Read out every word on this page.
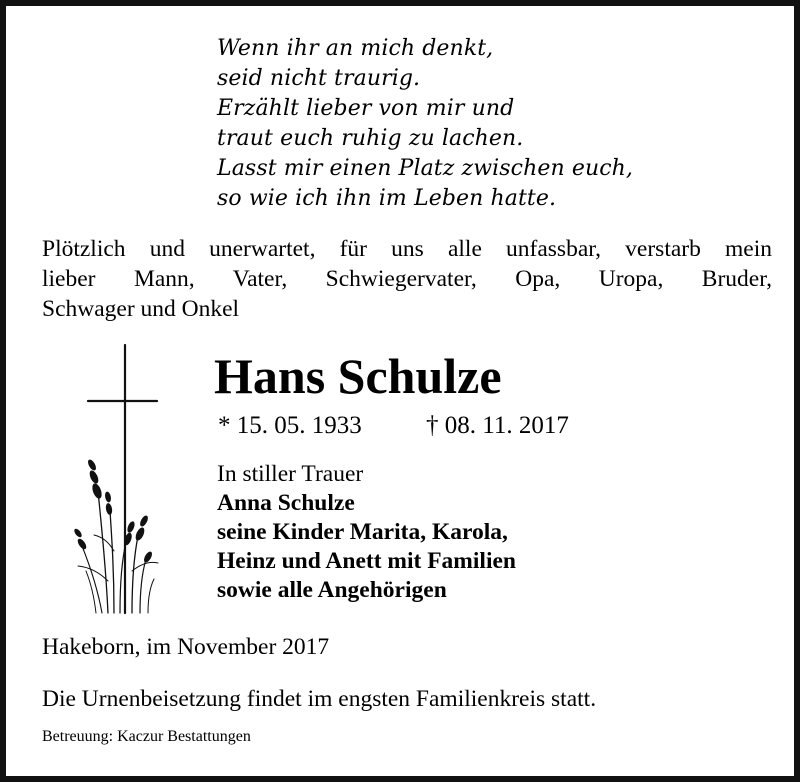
Wenn ihr an mich denkt,
seid nicht traurig.
Erzählt lieber von mir und
traut euch ruhig zu lachen.
Lasst mir einen Platz zwischen euch,
so wie ich ihn im Leben hatte.
Plötzlich und unerwartet, für uns alle unfassbar, verstarb mein
lieber Mann, Vater, Schwiegervater, Opa, Uropa, Bruder,
Schwager und Onkel
Hans Schulze
* 15. 05. 1933	† 08. 11. 2017
In stiller Trauer
Anna Schulze
seine Kinder Marita, Karola,
Heinz und Anett mit Familien
sowie alle Angehörigen
Hakeborn, im November 2017
Die Urnenbeisetzung findet im engsten Familienkreis statt.
Betreuung: Kaczur Bestattungen
